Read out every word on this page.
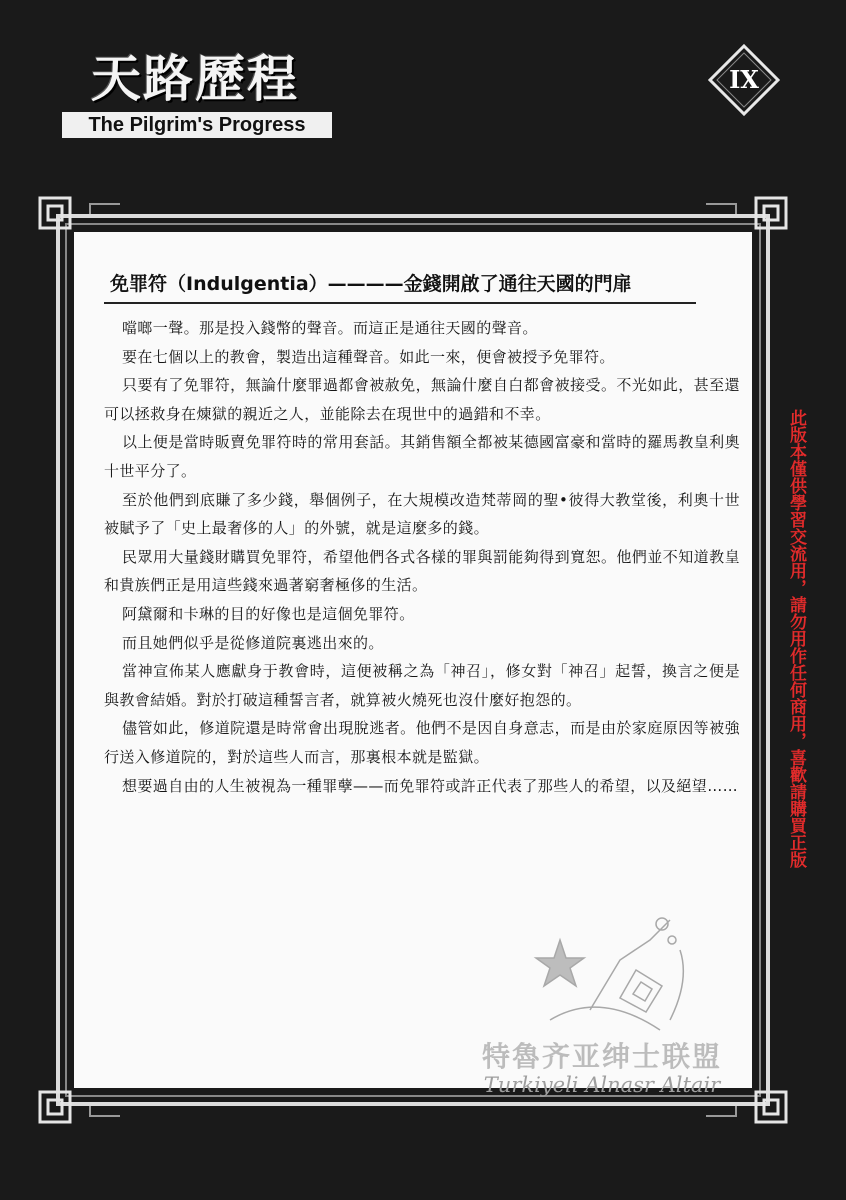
天路歷程
The Pilgrim's Progress
IX
免罪符（Indulgentia）————金錢開啟了通往天國的門扉

噹啷一聲。那是投入錢幣的聲音。而這正是通往天國的聲音。

要在七個以上的教會，製造出這種聲音。如此一來，便會被授予免罪符。

只要有了免罪符，無論什麼罪過都會被赦免，無論什麼自白都會被接受。不光如此，甚至還可以拯救身在煉獄的親近之人，並能除去在現世中的過錯和不幸。

以上便是當時販賣免罪符時的常用套話。其銷售額全都被某德國富豪和當時的羅馬教皇利奧十世平分了。

至於他們到底賺了多少錢，舉個例子，在大規模改造梵蒂岡的聖•彼得大教堂後，利奧十世被賦予了「史上最奢侈的人」的外號，就是這麼多的錢。

民眾用大量錢財購買免罪符，希望他們各式各樣的罪與罰能夠得到寬恕。他們並不知道教皇和貴族們正是用這些錢來過著窮奢極侈的生活。

阿黛爾和卡琳的目的好像也是這個免罪符。

而且她們似乎是從修道院裏逃出來的。

當神宣佈某人應獻身于教會時，這便被稱之為「神召」，修女對「神召」起誓，換言之便是與教會結婚。對於打破這種誓言者，就算被火燒死也沒什麼好抱怨的。

儘管如此，修道院還是時常會出現脫逃者。他們不是因自身意志，而是由於家庭原因等被強行送入修道院的，對於這些人而言，那裏根本就是監獄。

想要過自由的人生被視為一種罪孽——而免罪符或許正代表了那些人的希望，以及絕望……	此版本僅供學習交流用，請勿用作任何商用，喜歡請購買正版
特魯齐亚绅士联盟
Turkiyeli Alnasr Altair
